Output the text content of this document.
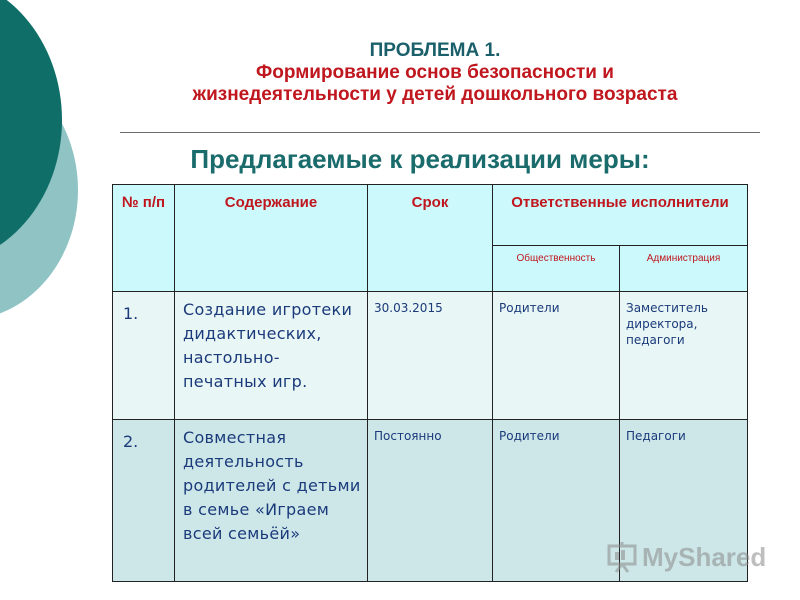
ПРОБЛЕМА 1.
Формирование основ безопасности и
жизнедеятельности у детей дошкольного возраста
Предлагаемые к реализации меры:
№ п/п	Содержание	Срок	Ответственные исполнители	
			Общественность	Администрация
1.	Создание игротеки дидактических, настольно-печатных игр.	30.03.2015	Родители	Заместитель директора, педагоги
2.	Совместная деятельность родителей с детьми в семье «Играем всей семьёй»	Постоянно	Родители	Педагоги
MyShared
